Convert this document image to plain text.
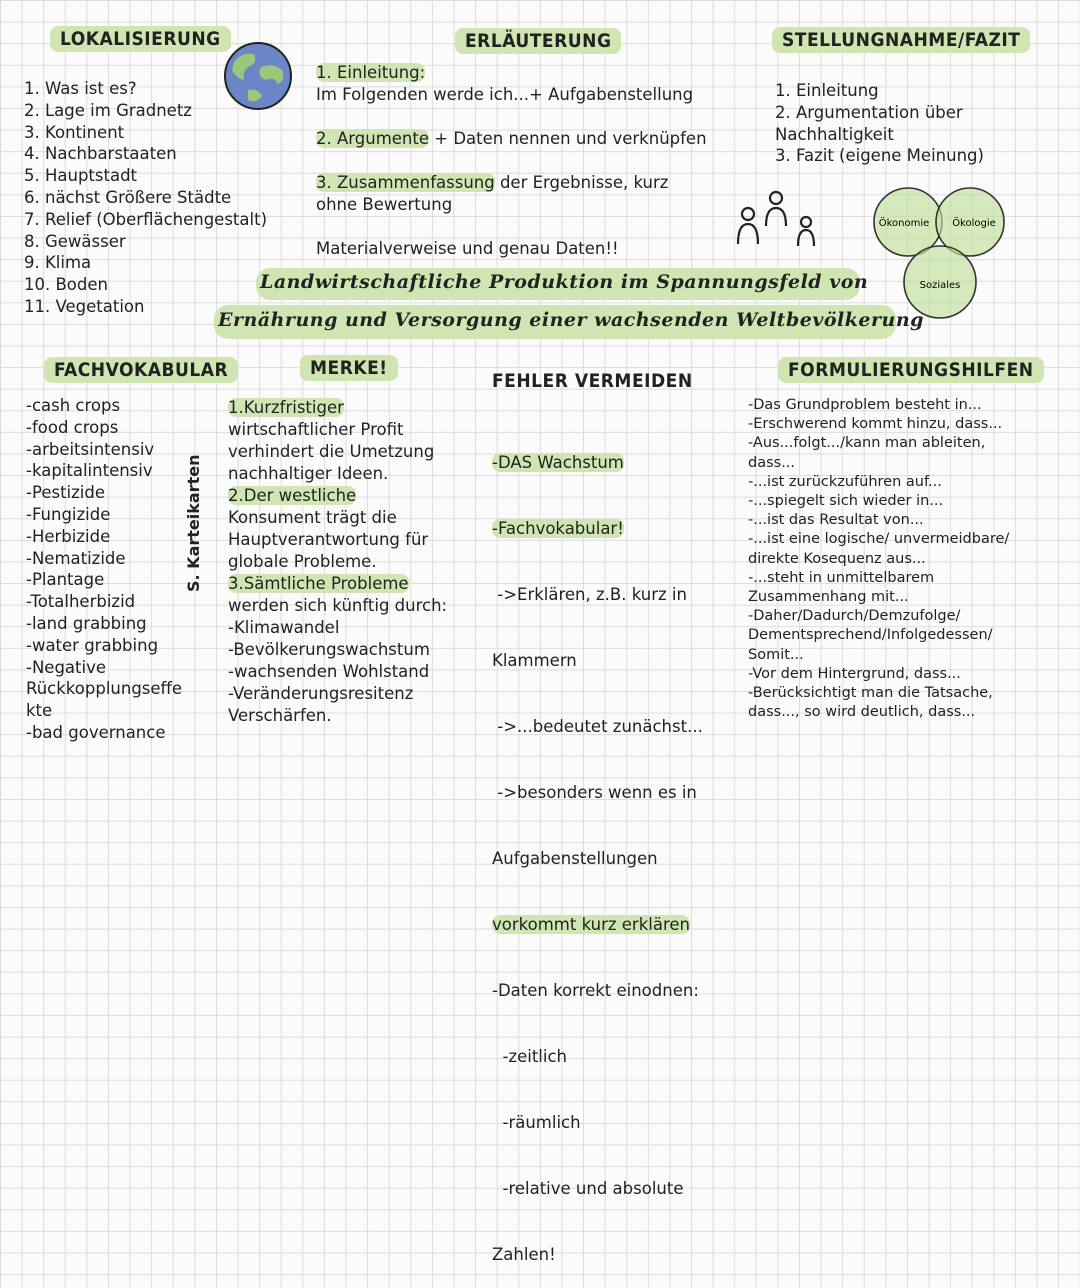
LOKALISIERUNG
1. Was ist es?
2. Lage im Gradnetz
3. Kontinent
4. Nachbarstaaten
5. Hauptstadt
6. nächst Größere Städte
7. Relief (Oberflächengestalt)
8. Gewässer
9. Klima
10. Boden
11. Vegetation
ERLÄUTERUNG

1. Einleitung:

Im Folgenden werde ich...+ Aufgabenstellung

2. Argumente + Daten nennen und verknüpfen

3. Zusammenfassung der Ergebnisse, kurz

ohne Bewertung

Materialverweise und genau Daten!!

STELLUNGNAHME/FAZIT
1. Einleitung
2. Argumentation über
Nachhaltigkeit
3. Fazit (eigene Meinung)
Ökonomie Ökologie
Soziales
Landwirtschaftliche Produktion im Spannungsfeld von
Ernährung und Versorgung einer wachsenden Weltbevölkerung
FACHVOKABULAR
-cash crops
-food crops
-arbeitsintensiv
-kapitalintensiv
-Pestizide
-Fungizide
-Herbizide
-Nematizide
-Plantage
-Totalherbizid
-land grabbing
-water grabbing
-Negative
Rückkopplungseffe
kte
-bad governance
S. Karteikarten
MERKE!

1.Kurzfristiger

wirtschaftlicher Profit

verhindert die Umetzung

nachhaltiger Ideen.

2.Der westliche

Konsument trägt die

Hauptverantwortung für

globale Probleme.

3.Sämtliche Probleme

werden sich künftig durch:

-Klimawandel

-Bevölkerungswachstum

-wachsenden Wohlstand

-Veränderungsresitenz

Verschärfen.

FEHLER VERMEIDEN

-DAS Wachstum

-Fachvokabular!

->Erklären, z.B. kurz in

Klammern

->...bedeutet zunächst...

->besonders wenn es in

Aufgabenstellungen

vorkommt kurz erklären

-Daten korrekt einodnen:

-zeitlich

-räumlich

-relative und absolute

Zahlen!

FORMULIERUNGSHILFEN

-Das Grundproblem besteht in...

-Erschwerend kommt hinzu, dass...

-Aus...folgt.../kann man ableiten,

dass...

-...ist zurückzuführen auf...

-...spiegelt sich wieder in...

-...ist das Resultat von...

-...ist eine logische/ unvermeidbare/

direkte Kosequenz aus...

-...steht in unmittelbarem

Zusammenhang mit...

-Daher/Dadurch/Demzufolge/

Dementsprechend/Infolgedessen/

Somit...

-Vor dem Hintergrund, dass...

-Berücksichtigt man die Tatsache,

dass..., so wird deutlich, dass...
